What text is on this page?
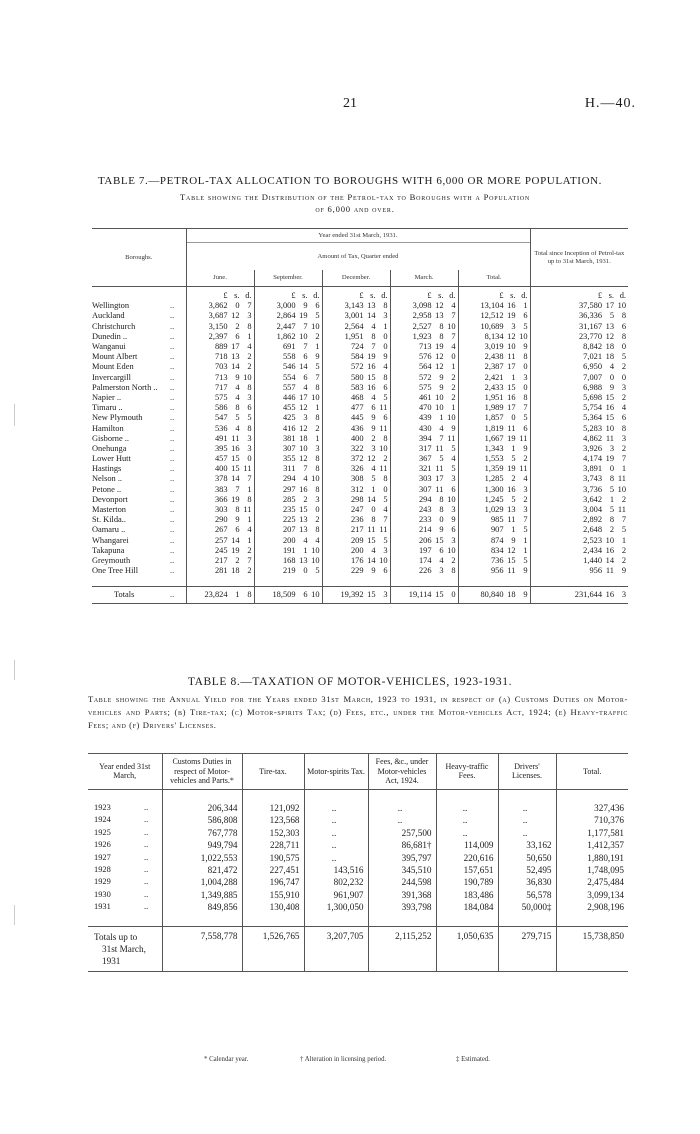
21	H.—40.
TABLE 7.—PETROL-TAX ALLOCATION TO BOROUGHS WITH 6,000 OR MORE POPULATION.
Table showing the Distribution of the Petrol-tax to Boroughs with a Population
of 6,000 and over.
Boroughs.		Year ended 31st March, 1931.					Total since Inception of Petrol-tax up to 31st March, 1931.
		Amount of Tax, Quarter ended					
		June.	September.	December.	March.	Total.	
		£ s. d.	£ s. d.	£ s. d.	£ s. d.	£ s. d.	£ s. d.
Wellington	..	3,862 0 7	3,000 9 6	3,143 13 8	3,098 12 4	13,104 16 1	37,580 17 10
Auckland	..	3,687 12 3	2,864 19 5	3,001 14 3	2,958 13 7	12,512 19 6	36,336 5 8
Christchurch	..	3,150 2 8	2,447 7 10	2,564 4 1	2,527 8 10	10,689 3 5	31,167 13 6
Dunedin ..	..	2,397 6 1	1,862 10 2	1,951 8 0	1,923 8 7	8,134 12 10	23,770 12 8
Wanganui	..	889 17 4	691 7 1	724 7 0	713 19 4	3,019 10 9	8,842 18 0
Mount Albert	..	718 13 2	558 6 9	584 19 9	576 12 0	2,438 11 8	7,021 18 5
Mount Eden	..	703 14 2	546 14 5	572 16 4	564 12 1	2,387 17 0	6,950 4 2
Invercargill	..	713 9 10	554 6 7	580 15 8	572 9 2	2,421 1 3	7,007 0 0
Palmerston North ..	..	717 4 8	557 4 8	583 16 6	575 9 2	2,433 15 0	6,988 9 3
Napier ..	..	575 4 3	446 17 10	468 4 5	461 10 2	1,951 16 8	5,698 15 2
Timaru ..	..	586 8 6	455 12 1	477 6 11	470 10 1	1,989 17 7	5,754 16 4
New Plymouth	..	547 5 5	425 3 8	445 9 6	439 1 10	1,857 0 5	5,364 15 6
Hamilton	..	536 4 8	416 12 2	436 9 11	430 4 9	1,819 11 6	5,283 10 8
Gisborne ..	..	491 11 3	381 18 1	400 2 8	394 7 11	1,667 19 11	4,862 11 3
Onehunga	..	395 16 3	307 10 3	322 3 10	317 11 5	1,343 1 9	3,926 3 2
Lower Hutt	..	457 15 0	355 12 8	372 12 2	367 5 4	1,553 5 2	4,174 19 7
Hastings	..	400 15 11	311 7 8	326 4 11	321 11 5	1,359 19 11	3,891 0 1
Nelson ..	..	378 14 7	294 4 10	308 5 8	303 17 3	1,285 2 4	3,743 8 11
Petone ..	..	383 7 1	297 16 8	312 1 0	307 11 6	1,300 16 3	3,736 5 10
Devonport	..	366 19 8	285 2 3	298 14 5	294 8 10	1,245 5 2	3,642 1 2
Masterton	..	303 8 11	235 15 0	247 0 4	243 8 3	1,029 13 3	3,004 5 11
St. Kilda..	..	290 9 1	225 13 2	236 8 7	233 0 9	985 11 7	2,892 8 7
Oamaru ..	..	267 6 4	207 13 8	217 11 11	214 9 6	907 1 5	2,648 2 5
Whangarei	..	257 14 1	200 4 4	209 15 5	206 15 3	874 9 1	2,523 10 1
Takapuna	..	245 19 2	191 1 10	200 4 3	197 6 10	834 12 1	2,434 16 2
Greymouth	..	217 2 7	168 13 10	176 14 10	174 4 2	736 15 5	1,440 14 2
One Tree Hill	..	281 18 2	219 0 5	229 9 6	226 3 8	956 11 9	956 11 9

Totals	..	23,824 1 8	18,509 6 10	19,392 15 3	19,114 15 0	80,840 18 9	231,644 16 3
TABLE 8.—TAXATION OF MOTOR-VEHICLES, 1923-1931.
Table showing the Annual Yield for the Years ended 31st March, 1923 to 1931, in respect of (a) Customs Duties on Motor-vehicles and Parts; (b) Tire-tax; (c) Motor-spirits Tax; (d) Fees, etc., under the Motor-vehicles Act, 1924; (e) Heavy-traffic Fees; and (f) Drivers' Licenses.
Year ended 31st March,		Customs Duties in respect of Motor-vehicles and Parts.*	Tire-tax.	Motor-spirits Tax.	Fees, &c., under Motor-vehicles Act, 1924.	Heavy-traffic Fees.	Drivers' Licenses.	Total.

1923	..	206,344	121,092	..	..	..	..	327,436
1924	..	586,808	123,568	..	..	..	..	710,376
1925	..	767,778	152,303	..	257,500	..	..	1,177,581
1926	..	949,794	228,711	..	86,681†	114,009	33,162	1,412,357
1927	..	1,022,553	190,575	..	395,797	220,616	50,650	1,880,191
1928	..	821,472	227,451	143,516	345,510	157,651	52,495	1,748,095
1929	..	1,004,288	196,747	802,232	244,598	190,789	36,830	2,475,484
1930	..	1,349,885	155,910	961,907	391,368	183,486	56,578	3,099,134
1931	..	849,856	130,408	1,300,050	393,798	184,084	50,000‡	2,908,196

Totals up to
31st March,
1931		7,558,778	1,526,765	3,207,705	2,115,252	1,050,635	279,715	15,738,850
* Calendar year.	† Alteration in licensing period.	‡ Estimated.
